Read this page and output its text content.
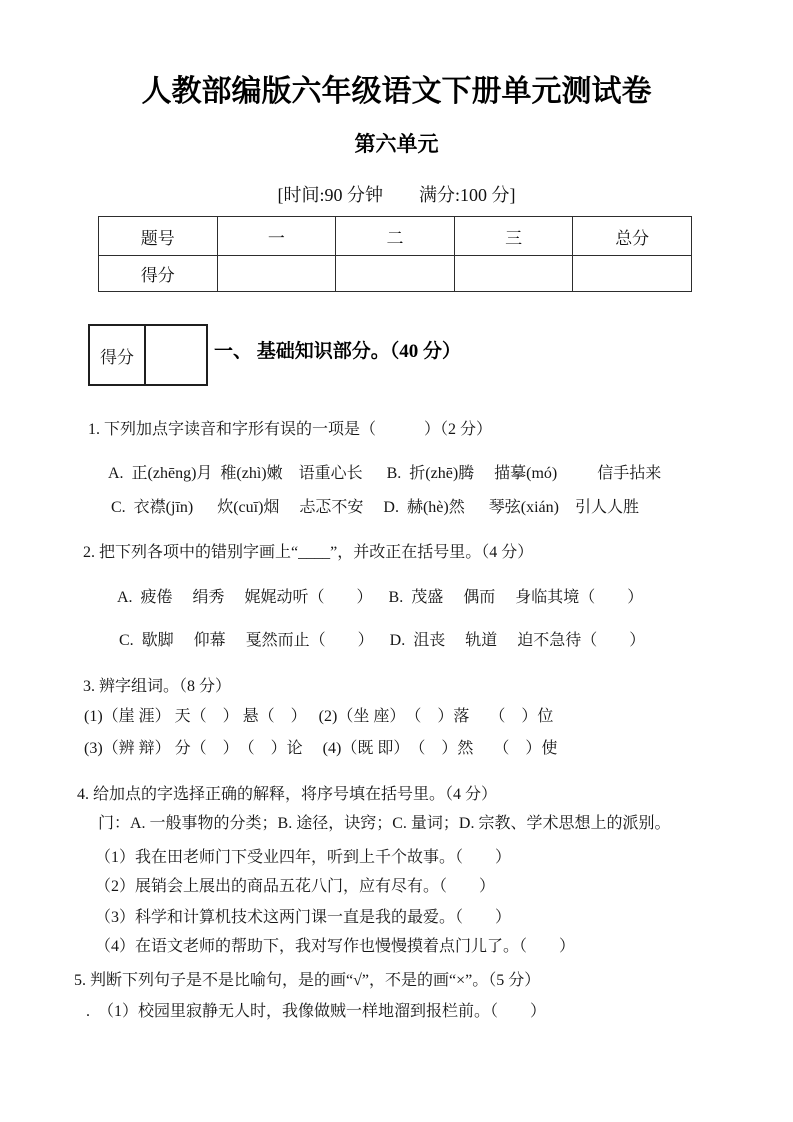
人教部编版六年级语文下册单元测试卷
第六单元
[时间:90 分钟　　满分:100 分]
题号	一	二	三	总分
得分				
得分	一、 基础知识部分。（40 分）
1. 下列加点字读音和字形有误的一项是（　　　）（2 分）
A.  正(zhēng)月  稚(zhì)嫩　语重心长　  B.  折(zhē)腾　 描摹(mó)　　  信手拈来
C.  衣襟(jīn)　  炊(cuī)烟　 忐忑不安　 D.  赫(hè)然　  琴弦(xián)　引人人胜
2. 把下列各项中的错别字画上“____”，并改正在括号里。（4 分）
A.  疲倦　 绢秀　 娓娓动听（　　）　  B.  茂盛　 偶而　 身临其境（　　）
C.  歇脚　 仰幕　 戛然而止（　　）　  D.  沮丧　 轨道　 迫不急待（　　）
3. 辨字组词。（8 分）
(1)（崖 涯） 天（　） 悬（　）　 (2)（坐 座）　（　）落　 （　）位
(3)（辨 辩） 分（　）　（　）论　 (4)（既 即）　（　）然　 （　）使
4. 给加点的字选择正确的解释，将序号填在括号里。（4 分）
门：A. 一般事物的分类；B. 途径，诀窍；C. 量词；D. 宗教、学术思想上的派别。
（1）我在田老师门下受业四年，听到上千个故事。（　　）
（2）展销会上展出的商品五花八门，应有尽有。（　　）
（3）科学和计算机技术这两门课一直是我的最爱。（　　）
（4）在语文老师的帮助下，我对写作也慢慢摸着点门儿了。（　　）
5. 判断下列句子是不是比喻句，是的画“√”，不是的画“×”。（5 分）
.  （1）校园里寂静无人时，我像做贼一样地溜到报栏前。（　　）
